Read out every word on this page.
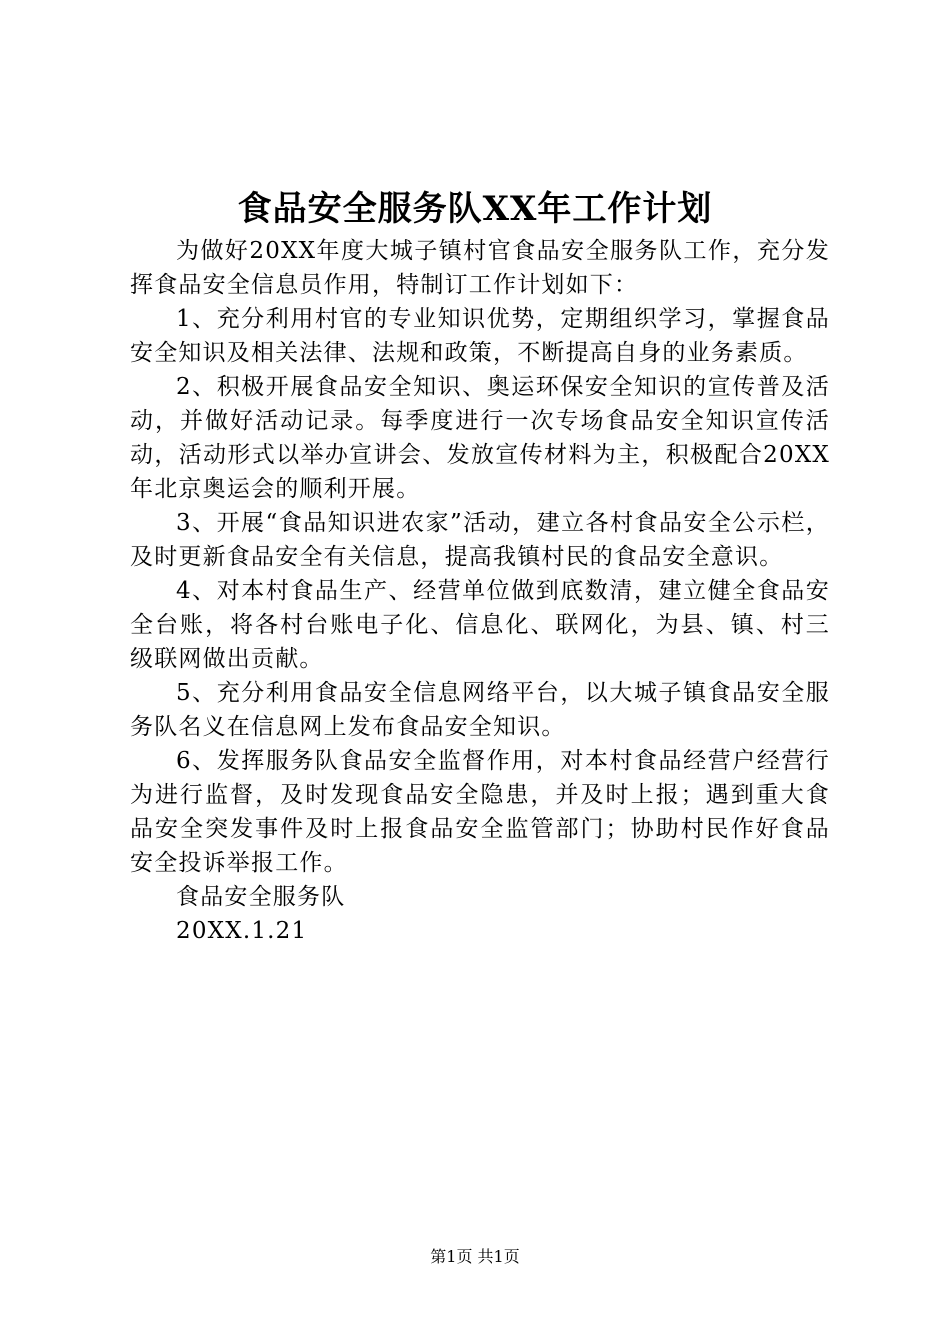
食品安全服务队XX年工作计划

为做好20XX年度大城子镇村官食品安全服务队工作，充分发挥食品安全信息员作用，特制订工作计划如下：

1、充分利用村官的专业知识优势，定期组织学习，掌握食品安全知识及相关法律、法规和政策，不断提高自身的业务素质。

2、积极开展食品安全知识、奥运环保安全知识的宣传普及活动，并做好活动记录。每季度进行一次专场食品安全知识宣传活动，活动形式以举办宣讲会、发放宣传材料为主，积极配合20XX年北京奥运会的顺利开展。

3、开展“食品知识进农家”活动，建立各村食品安全公示栏，及时更新食品安全有关信息，提高我镇村民的食品安全意识。

4、对本村食品生产、经营单位做到底数清，建立健全食品安全台账，将各村台账电子化、信息化、联网化，为县、镇、村三级联网做出贡献。

5、充分利用食品安全信息网络平台，以大城子镇食品安全服务队名义在信息网上发布食品安全知识。

6、发挥服务队食品安全监督作用，对本村食品经营户经营行为进行监督，及时发现食品安全隐患，并及时上报；遇到重大食品安全突发事件及时上报食品安全监管部门；协助村民作好食品安全投诉举报工作。

食品安全服务队

20XX.1.21

第1页 共1页
